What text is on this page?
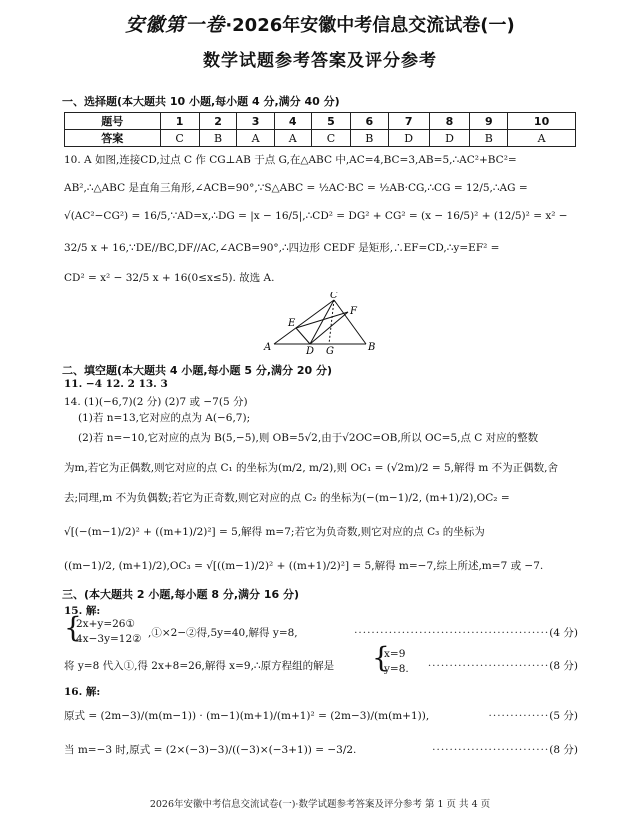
安徽第一卷·2026年安徽中考信息交流试卷(一)
数学试题参考答案及评分参考
一、选择题(本大题共 10 小题,每小题 4 分,满分 40 分)
题号	1	2	3	4	5	6	7	8	9	10
答案	C	B	A	A	C	B	D	D	B	A
10. A 如图,连接CD,过点 C 作 CG⊥AB 于点 G,在△ABC 中,AC=4,BC=3,AB=5,∴AC²+BC²=
AB²,∴△ABC 是直角三角形,∠ACB=90°,∵S△ABC = ½AC·BC = ½AB·CG,∴CG = 12/5,∴AG =
√(AC²−CG²) = 16/5,∵AD=x,∴DG = |x − 16/5|,∴CD² = DG² + CG² = (x − 16/5)² + (12/5)² = x² −
32/5 x + 16,∵DE//BC,DF//AC,∠ACB=90°,∴四边形 CEDF 是矩形,∴EF=CD,∴y=EF² =
CD² = x² − 32/5 x + 16(0≤x≤5). 故选 A.
C
E
F
A	D G	B
二、填空题(本大题共 4 小题,每小题 5 分,满分 20 分)
11. −4 12. 2 13. 3
14. (1)(−6,7)(2 分) (2)7 或 −7(5 分)
(1)若 n=13,它对应的点为 A(−6,7);
(2)若 n=−10,它对应的点为 B(5,−5),则 OB=5√2,由于√2OC=OB,所以 OC=5,点 C 对应的整数
为m,若它为正偶数,则它对应的点 C₁ 的坐标为(m/2, m/2),则 OC₁ = (√2m)/2 = 5,解得 m 不为正偶数,舍
去;同理,m 不为负偶数;若它为正奇数,则它对应的点 C₂ 的坐标为(−(m−1)/2, (m+1)/2),OC₂ =
√[(−(m−1)/2)² + ((m+1)/2)²] = 5,解得 m=7;若它为负奇数,则它对应的点 C₃ 的坐标为
((m−1)/2, (m+1)/2),OC₃ = √[((m−1)/2)² + ((m+1)/2)²] = 5,解得 m=−7,综上所述,m=7 或 −7.
三、(本大题共 2 小题,每小题 8 分,满分 16 分)
15. 解:
{
2x+y=26①
4x−3y=12② ,①×2−②得,5y=40,解得 y=8,	·············································(4 分)
将 y=8 代入①,得 2x+8=26,解得 x=9,∴原方程组的解是 {
x=9
y=8. ····························(8 分)
16. 解:
原式 = (2m−3)/(m(m−1)) · (m−1)(m+1)/(m+1)² = (2m−3)/(m(m+1)),	··············(5 分)
当 m=−3 时,原式 = (2×(−3)−3)/((−3)×(−3+1)) = −3/2.	···························(8 分)
2026年安徽中考信息交流试卷(一)·数学试题参考答案及评分参考 第 1 页 共 4 页
